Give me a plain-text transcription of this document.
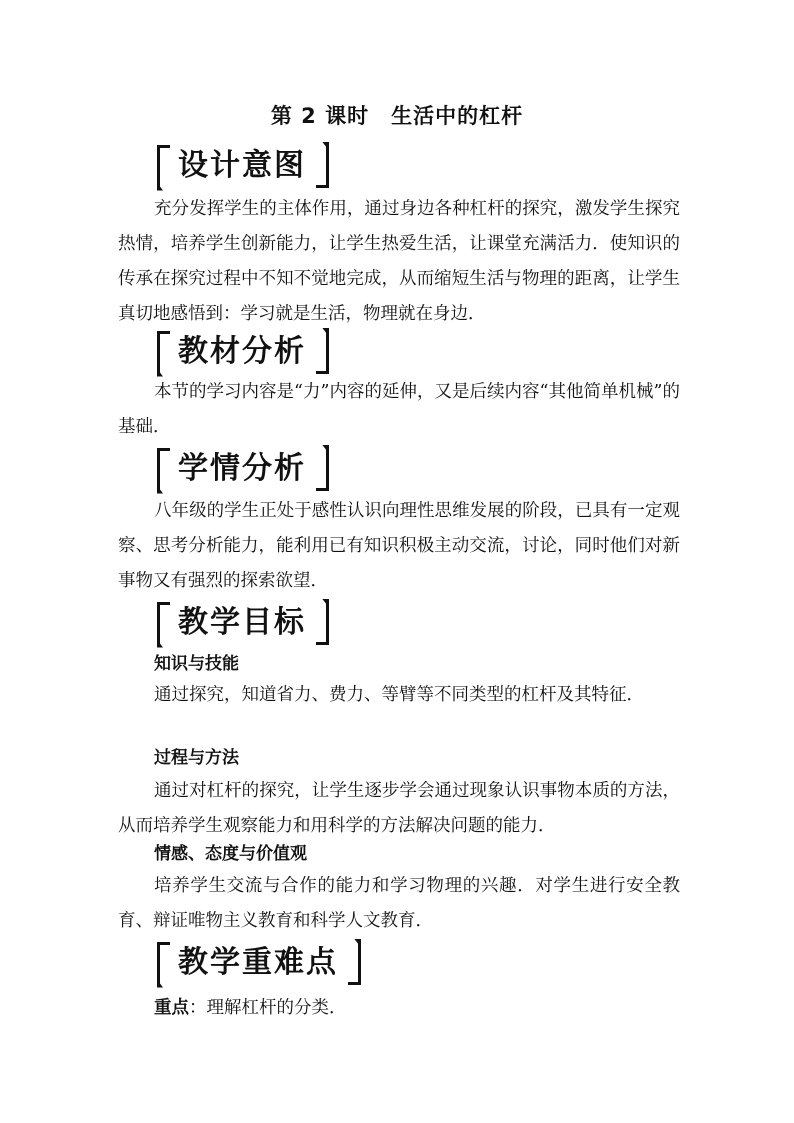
第 2 课时　生活中的杠杆
设计意图

充分发挥学生的主体作用，通过身边各种杠杆的探究，激发学生探究热情，培养学生创新能力，让学生热爱生活，让课堂充满活力．使知识的传承在探究过程中不知不觉地完成，从而缩短生活与物理的距离，让学生真切地感悟到：学习就是生活，物理就在身边．

教材分析

本节的学习内容是“力”内容的延伸，又是后续内容“其他简单机械”的基础．

学情分析

八年级的学生正处于感性认识向理性思维发展的阶段，已具有一定观察、思考分析能力，能利用已有知识积极主动交流，讨论，同时他们对新事物又有强烈的探索欲望．

教学目标

知识与技能

通过探究，知道省力、费力、等臂等不同类型的杠杆及其特征．

过程与方法

通过对杠杆的探究，让学生逐步学会通过现象认识事物本质的方法，从而培养学生观察能力和用科学的方法解决问题的能力．

情感、态度与价值观

培养学生交流与合作的能力和学习物理的兴趣．对学生进行安全教育、辩证唯物主义教育和科学人文教育．

教学重难点

重点：理解杠杆的分类．
